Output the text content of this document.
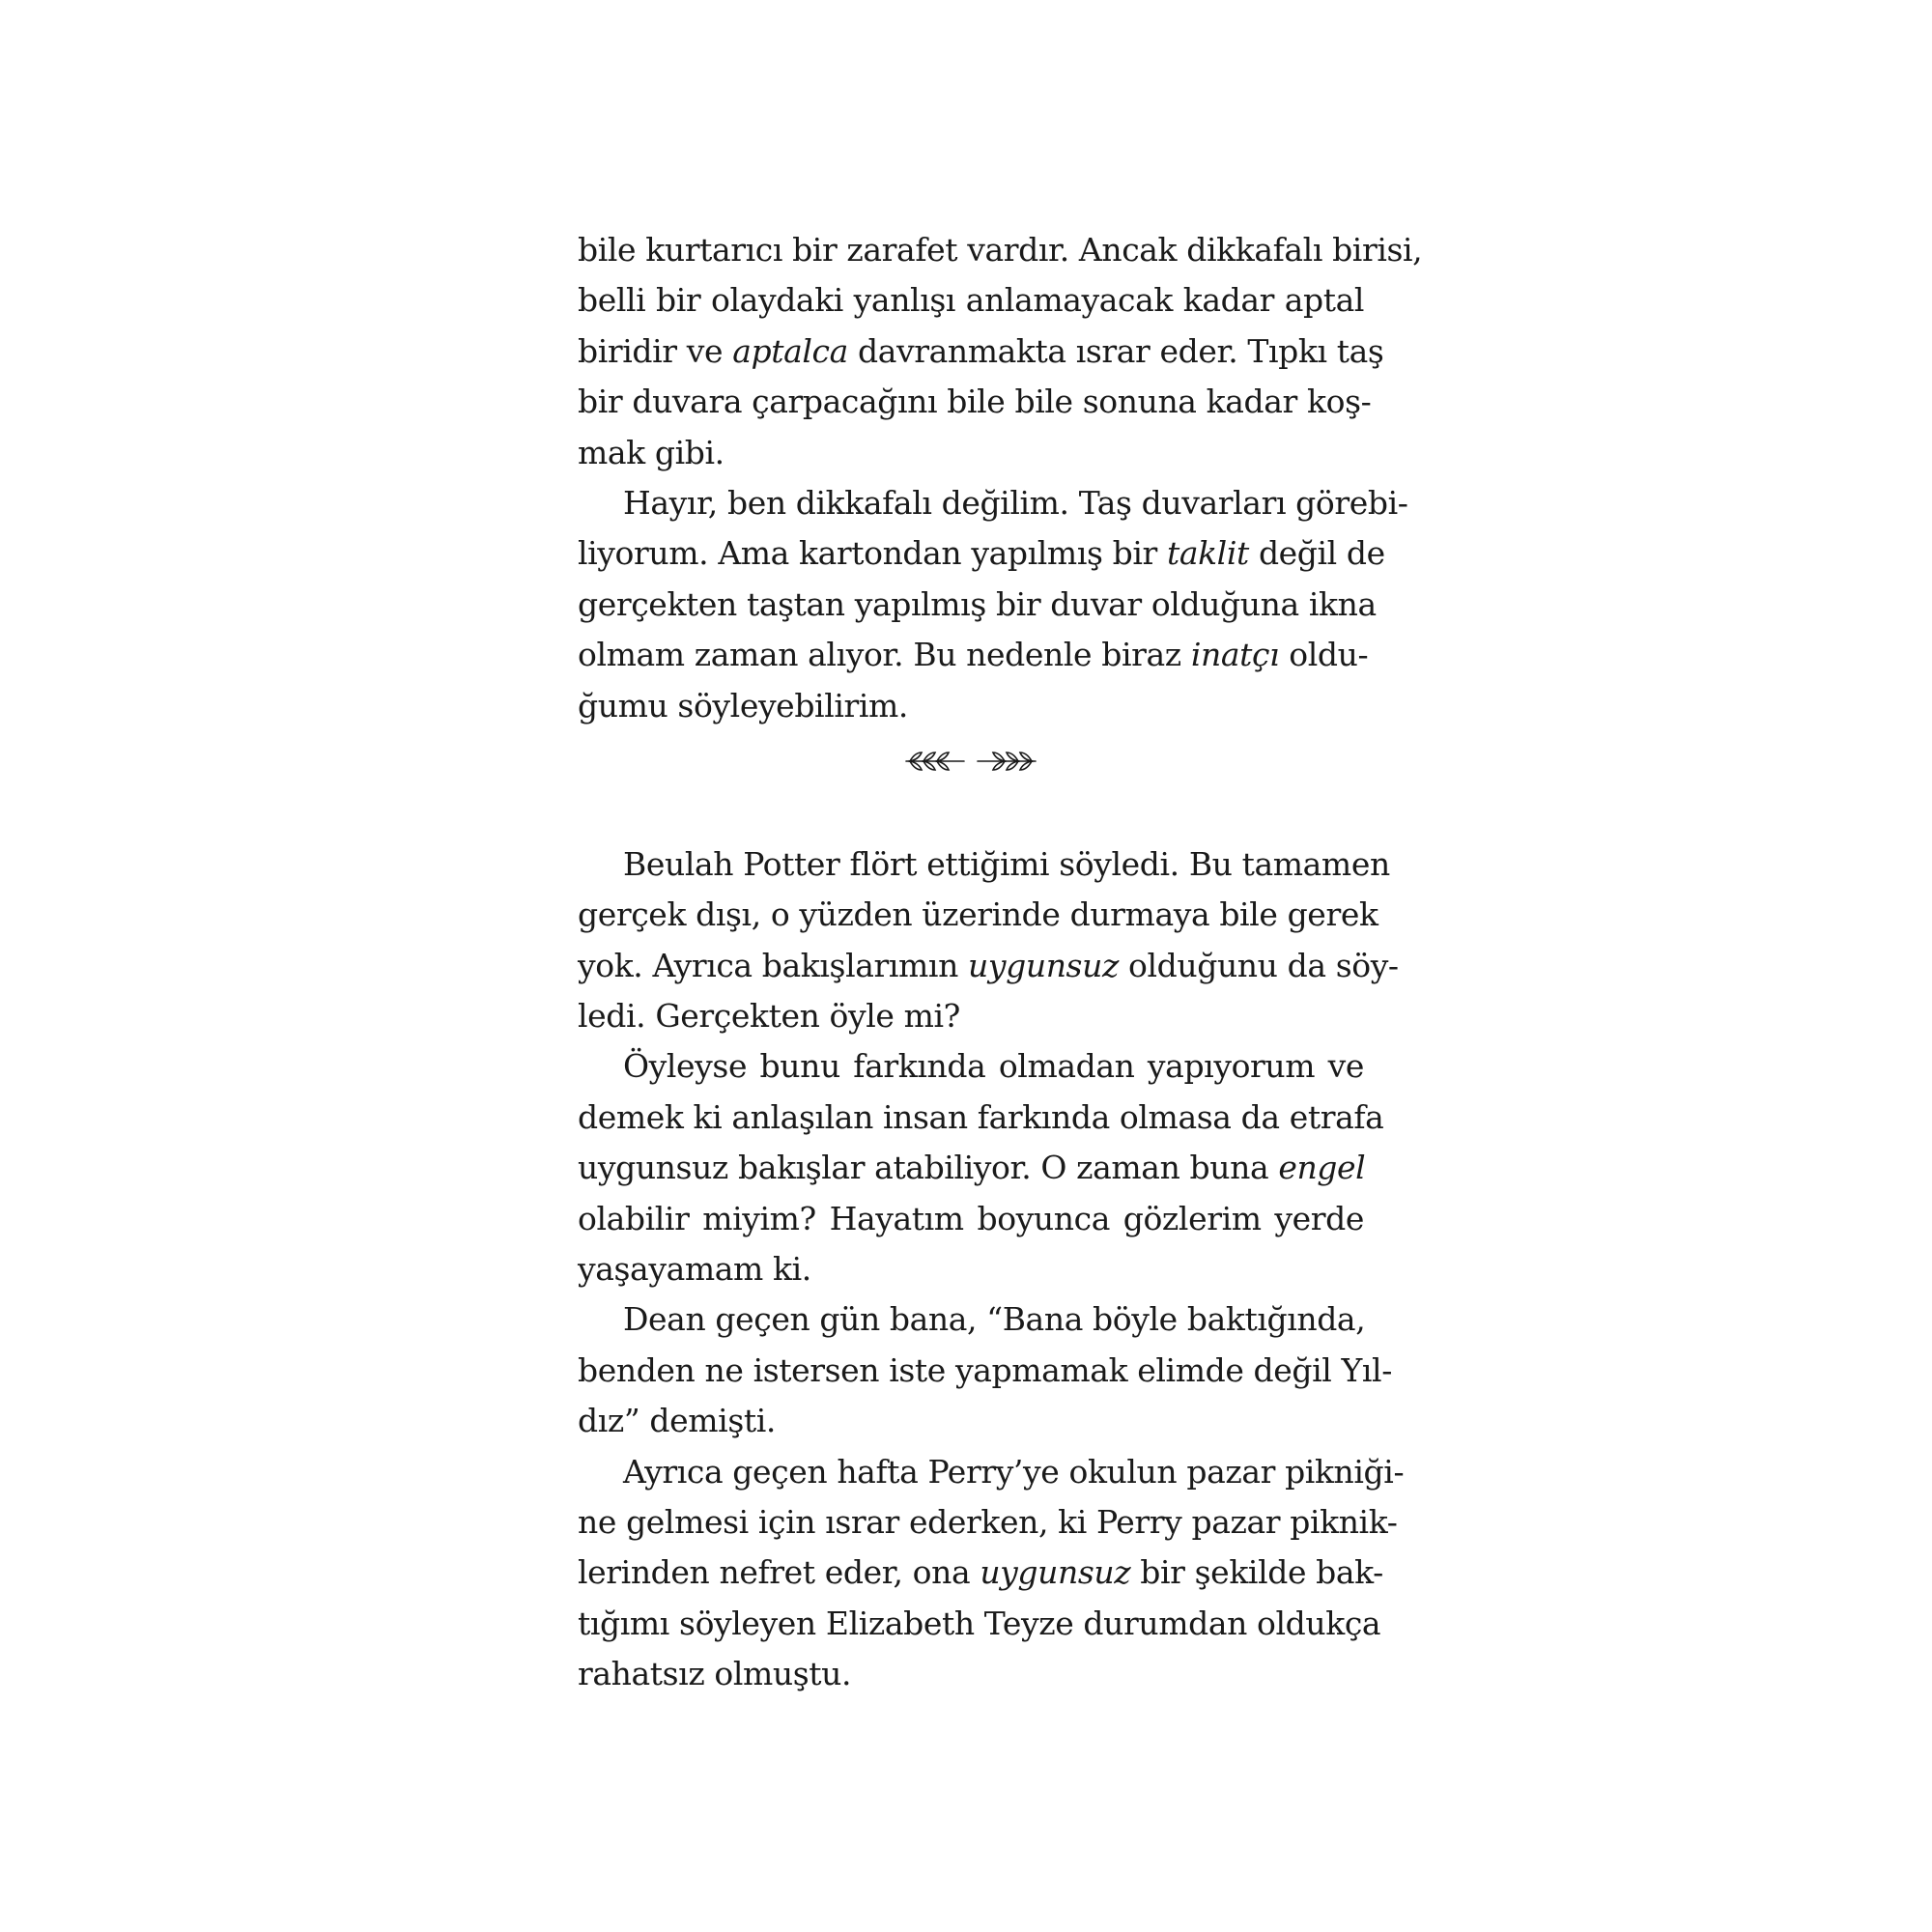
bile kurtarıcı bir zarafet vardır. Ancak dikkafalı birisi,
belli bir olaydaki yanlışı anlamayacak kadar aptal
biridir ve aptalca davranmakta ısrar eder. Tıpkı taş
bir duvara çarpacağını bile bile sonuna kadar koş-
mak gibi.
Hayır, ben dikkafalı değilim. Taş duvarları görebi-
liyorum. Ama kartondan yapılmış bir taklit değil de
gerçekten taştan yapılmış bir duvar olduğuna ikna
olmam zaman alıyor. Bu nedenle biraz inatçı oldu-
ğumu söyleyebilirim.
Beulah Potter flört ettiğimi söyledi. Bu tamamen
gerçek dışı, o yüzden üzerinde durmaya bile gerek
yok. Ayrıca bakışlarımın uygunsuz olduğunu da söy-
ledi. Gerçekten öyle mi?
Öyleyse bunu farkında olmadan yapıyorum ve
demek ki anlaşılan insan farkında olmasa da etrafa
uygunsuz bakışlar atabiliyor. O zaman buna engel
olabilir miyim? Hayatım boyunca gözlerim yerde
yaşayamam ki.
Dean geçen gün bana, “Bana böyle baktığında,
benden ne istersen iste yapmamak elimde değil Yıl-
dız” demişti.
Ayrıca geçen hafta Perry’ye okulun pazar pikniği-
ne gelmesi için ısrar ederken, ki Perry pazar piknik-
lerinden nefret eder, ona uygunsuz bir şekilde bak-
tığımı söyleyen Elizabeth Teyze durumdan oldukça
rahatsız olmuştu.
